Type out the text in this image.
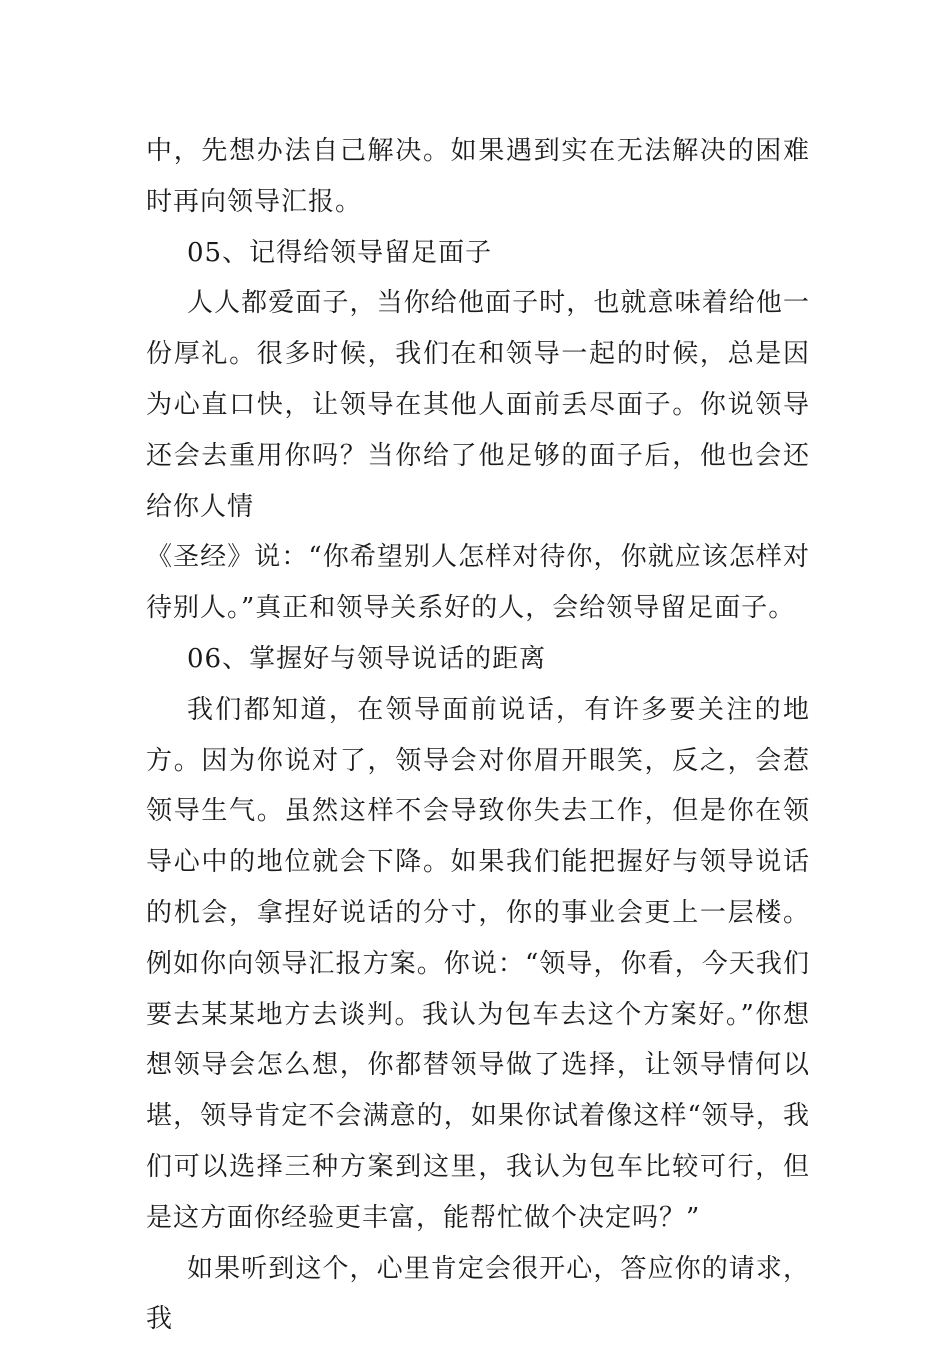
中，先想办法自己解决。如果遇到实在无法解决的困难时再向领导汇报。

05、记得给领导留足面子

人人都爱面子，当你给他面子时，也就意味着给他一份厚礼。很多时候，我们在和领导一起的时候，总是因为心直口快，让领导在其他人面前丢尽面子。你说领导还会去重用你吗？当你给了他足够的面子后，他也会还给你人情

《圣经》说：“你希望别人怎样对待你，你就应该怎样对待别人。”真正和领导关系好的人，会给领导留足面子。

06、掌握好与领导说话的距离

我们都知道，在领导面前说话，有许多要关注的地方。因为你说对了，领导会对你眉开眼笑，反之，会惹领导生气。虽然这样不会导致你失去工作，但是你在领导心中的地位就会下降。如果我们能把握好与领导说话的机会，拿捏好说话的分寸，你的事业会更上一层楼。例如你向领导汇报方案。你说：“领导，你看，今天我们要去某某地方去谈判。我认为包车去这个方案好。”你想想领导会怎么想，你都替领导做了选择，让领导情何以堪，领导肯定不会满意的，如果你试着像这样“领导，我们可以选择三种方案到这里，我认为包车比较可行，但是这方面你经验更丰富，能帮忙做个决定吗？”

如果听到这个，心里肯定会很开心，答应你的请求，我
